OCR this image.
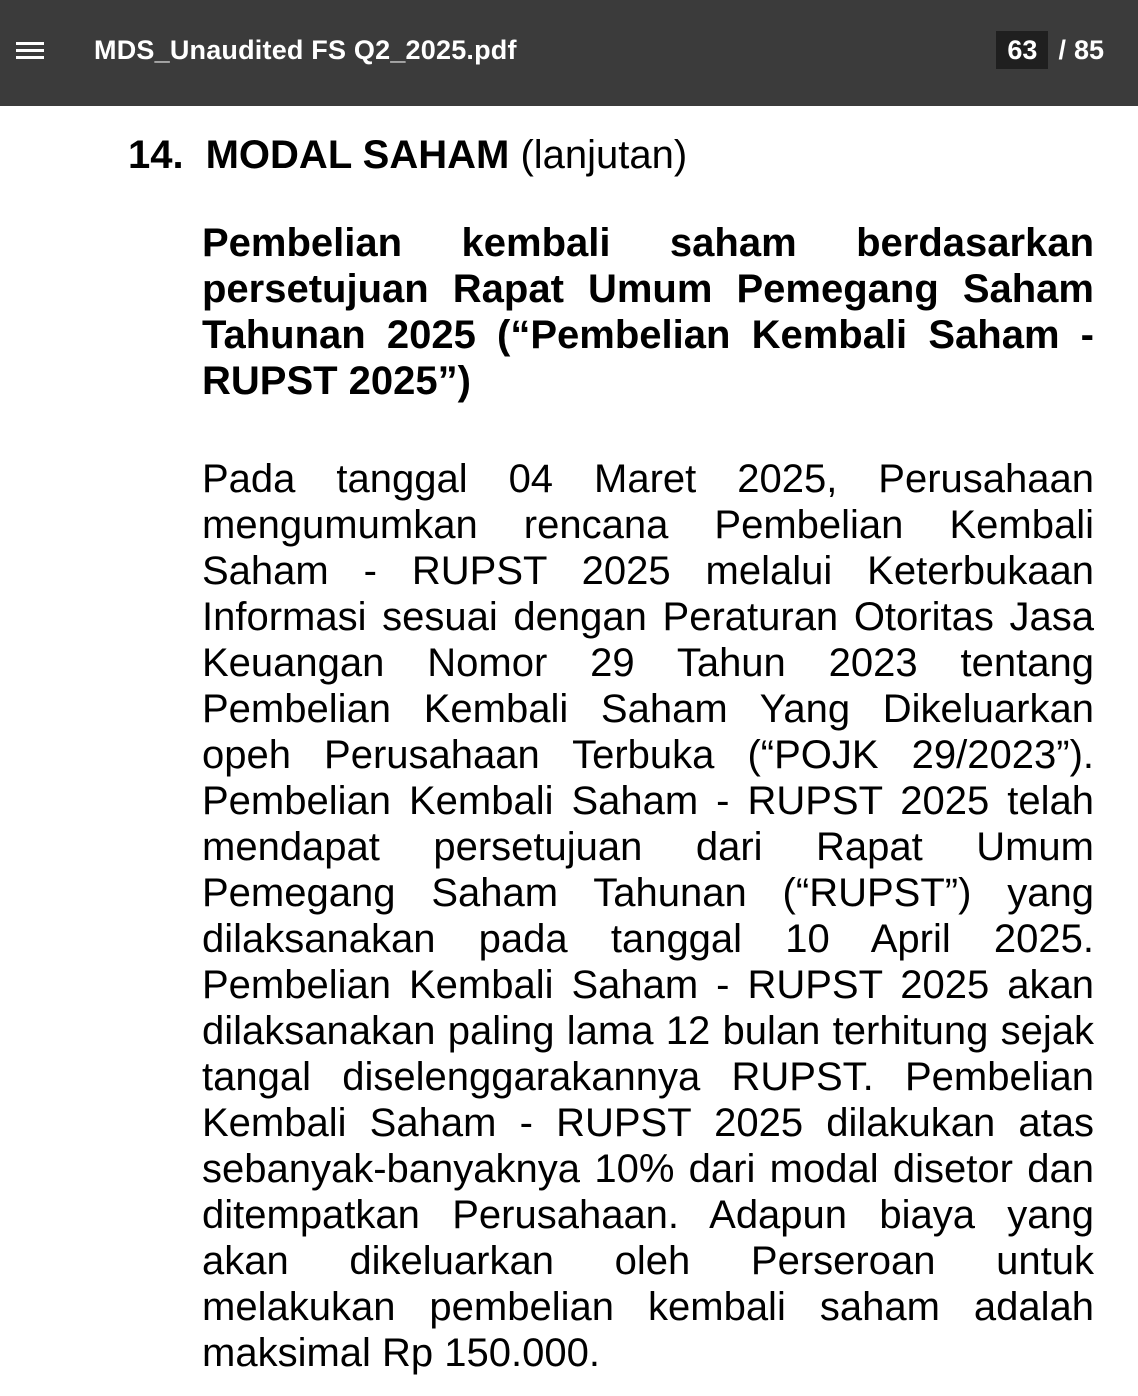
MDS_Unaudited FS Q2_2025.pdf
63	/ 85
14. MODAL SAHAM (lanjutan)
Pembelian kembali saham berdasarkan persetujuan Rapat Umum Pemegang Saham Tahunan 2025 (“Pembelian Kembali Saham - RUPST 2025”)
Pada tanggal 04 Maret 2025, Perusahaan mengumumkan rencana Pembelian Kembali Saham - RUPST 2025 melalui Keterbukaan Informasi sesuai dengan Peraturan Otoritas Jasa Keuangan Nomor 29 Tahun 2023 tentang Pembelian Kembali Saham Yang Dikeluarkan opeh Perusahaan Terbuka (“POJK 29/2023”). Pembelian Kembali Saham - RUPST 2025 telah mendapat persetujuan dari Rapat Umum Pemegang Saham Tahunan (“RUPST”) yang dilaksanakan pada tanggal 10 April 2025. Pembelian Kembali Saham - RUPST 2025 akan dilaksanakan paling lama 12 bulan terhitung sejak tangal diselenggarakannya RUPST. Pembelian Kembali Saham - RUPST 2025 dilakukan atas sebanyak-banyaknya 10% dari modal disetor dan ditempatkan Perusahaan. Adapun biaya yang akan dikeluarkan oleh Perseroan untuk melakukan pembelian kembali saham adalah maksimal Rp 150.000.
